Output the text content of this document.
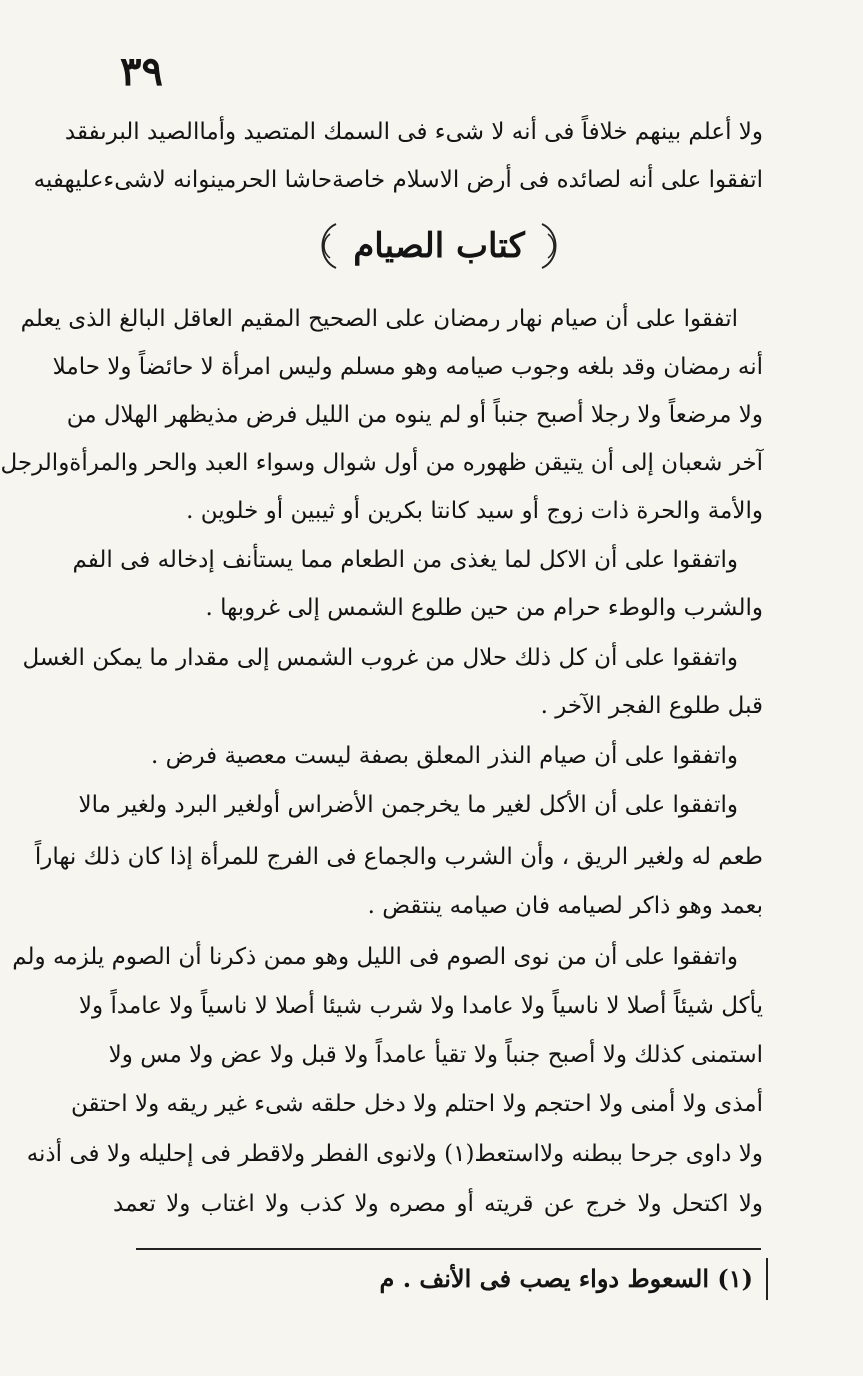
٣٩
ولا أعلم بينهم خلافاً فى أنه لا شىء فى السمك المتصيد وأماالصيد البرىفقد
اتفقوا على أنه لصائده فى أرض الاسلام خاصةحاشا الحرمينوانه لاشىءعليهفيه
كتاب الصيام
اتفقوا على أن صيام نهار رمضان على الصحيح المقيم العاقل البالغ الذى يعلم
أنه رمضان وقد بلغه وجوب صيامه وهو مسلم وليس امرأة لا حائضاً ولا حاملا
ولا مرضعاً ولا رجلا أصبح جنباً أو لم ينوه من الليل فرض مذيظهر الهلال من
آخر شعبان إلى أن يتيقن ظهوره من أول شوال وسواء العبد والحر والمرأةوالرجل
والأمة والحرة ذات زوج أو سيد كانتا بكرين أو ثيبين أو خلوين .
واتفقوا على أن الاكل لما يغذى من الطعام مما يستأنف إدخاله فى الفم
والشرب والوطء حرام من حين طلوع الشمس إلى غروبها .
واتفقوا على أن كل ذلك حلال من غروب الشمس إلى مقدار ما يمكن الغسل
قبل طلوع الفجر الآخر .
واتفقوا على أن صيام النذر المعلق بصفة ليست معصية فرض .
واتفقوا على أن الأكل لغير ما يخرجمن الأضراس أولغير البرد ولغير مالا
طعم له ولغير الريق ، وأن الشرب والجماع فى الفرج للمرأة إذا كان ذلك نهاراً
بعمد وهو ذاكر لصيامه فان صيامه ينتقض .
واتفقوا على أن من نوى الصوم فى الليل وهو ممن ذكرنا أن الصوم يلزمه ولم
يأكل شيئاً أصلا لا ناسياً ولا عامدا ولا شرب شيئا أصلا لا ناسياً ولا عامداً ولا
استمنى كذلك ولا أصبح جنباً ولا تقيأ عامداً ولا قبل ولا عض ولا مس ولا
أمذى ولا أمنى ولا احتجم ولا احتلم ولا دخل حلقه شىء غير ريقه ولا احتقن
ولا داوى جرحا ببطنه ولااستعط(١) ولانوى الفطر ولاقطر فى إحليله ولا فى أذنه
ولا اكتحل ولا خرج عن قريته أو مصره ولا كذب ولا اغتاب ولا تعمد
(١) السعوط دواء يصب فى الأنف . م
